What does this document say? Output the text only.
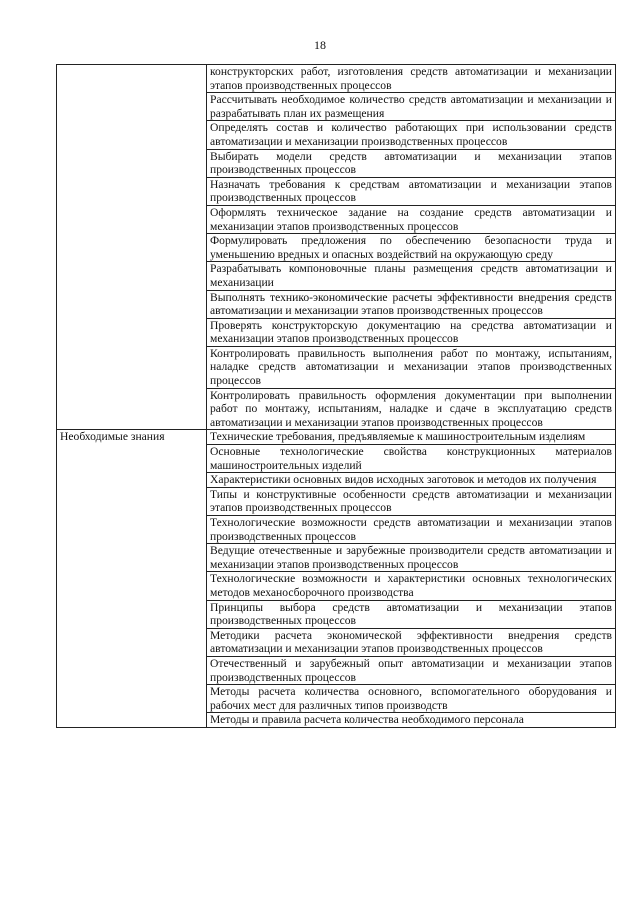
18
	конструкторских работ, изготовления средств автоматизации и механизации этапов производственных процессов
	Рассчитывать необходимое количество средств автоматизации и механизации и разрабатывать план их размещения
	Определять состав и количество работающих при использовании средств автоматизации и механизации производственных процессов
	Выбирать модели средств автоматизации и механизации этапов производственных процессов
	Назначать требования к средствам автоматизации и механизации этапов производственных процессов
	Оформлять техническое задание на создание средств автоматизации и механизации этапов производственных процессов
	Формулировать предложения по обеспечению безопасности труда и уменьшению вредных и опасных воздействий на окружающую среду
	Разрабатывать компоновочные планы размещения средств автоматизации и механизации
	Выполнять технико-экономические расчеты эффективности внедрения средств автоматизации и механизации этапов производственных процессов
	Проверять конструкторскую документацию на средства автоматизации и механизации этапов производственных процессов
	Контролировать правильность выполнения работ по монтажу, испытаниям, наладке средств автоматизации и механизации этапов производственных процессов
	Контролировать правильность оформления документации при выполнении работ по монтажу, испытаниям, наладке и сдаче в эксплуатацию средств автоматизации и механизации этапов производственных процессов
Необходимые знания	Технические требования, предъявляемые к машиностроительным изделиям
	Основные технологические свойства конструкционных материалов машиностроительных изделий
	Характеристики основных видов исходных заготовок и методов их получения
	Типы и конструктивные особенности средств автоматизации и механизации этапов производственных процессов
	Технологические возможности средств автоматизации и механизации этапов производственных процессов
	Ведущие отечественные и зарубежные производители средств автоматизации и механизации этапов производственных процессов
	Технологические возможности и характеристики основных технологических методов механосборочного производства
	Принципы выбора средств автоматизации и механизации этапов производственных процессов
	Методики расчета экономической эффективности внедрения средств автоматизации и механизации этапов производственных процессов
	Отечественный и зарубежный опыт автоматизации и механизации этапов производственных процессов
	Методы расчета количества основного, вспомогательного оборудования и рабочих мест для различных типов производств
	Методы и правила расчета количества необходимого персонала
